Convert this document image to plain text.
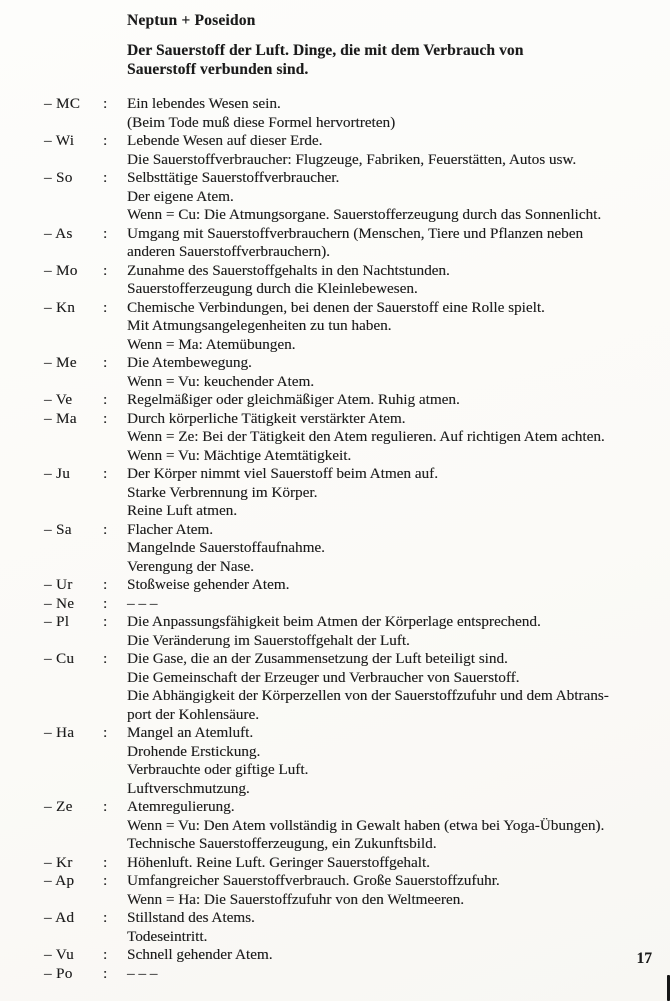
Neptun + Poseidon
Der Sauerstoff der Luft. Dinge, die mit dem Verbrauch von
Sauerstoff verbunden sind.
– MC	:	Ein lebendes Wesen sein.
(Beim Tode muß diese Formel hervortreten)
– Wi	:	Lebende Wesen auf dieser Erde.
Die Sauerstoffverbraucher: Flugzeuge, Fabriken, Feuerstätten, Autos usw.
– So	:	Selbsttätige Sauerstoffverbraucher.
Der eigene Atem.
Wenn = Cu: Die Atmungsorgane. Sauerstofferzeugung durch das Sonnenlicht.
– As	:	Umgang mit Sauerstoffverbrauchern (Menschen, Tiere und Pflanzen neben
anderen Sauerstoffverbrauchern).
– Mo	:	Zunahme des Sauerstoffgehalts in den Nachtstunden.
Sauerstofferzeugung durch die Kleinlebewesen.
– Kn	:	Chemische Verbindungen, bei denen der Sauerstoff eine Rolle spielt.
Mit Atmungsangelegenheiten zu tun haben.
Wenn = Ma: Atemübungen.
– Me	:	Die Atembewegung.
Wenn = Vu: keuchender Atem.
– Ve	:	Regelmäßiger oder gleichmäßiger Atem. Ruhig atmen.
– Ma	:	Durch körperliche Tätigkeit verstärkter Atem.
Wenn = Ze: Bei der Tätigkeit den Atem regulieren. Auf richtigen Atem achten.
Wenn = Vu: Mächtige Atemtätigkeit.
– Ju	:	Der Körper nimmt viel Sauerstoff beim Atmen auf.
Starke Verbrennung im Körper.
Reine Luft atmen.
– Sa	:	Flacher Atem.
Mangelnde Sauerstoffaufnahme.
Verengung der Nase.
– Ur	:	Stoßweise gehender Atem.
– Ne	:	– – –
– Pl	:	Die Anpassungsfähigkeit beim Atmen der Körperlage entsprechend.
Die Veränderung im Sauerstoffgehalt der Luft.
– Cu	:	Die Gase, die an der Zusammensetzung der Luft beteiligt sind.
Die Gemeinschaft der Erzeuger und Verbraucher von Sauerstoff.
Die Abhängigkeit der Körperzellen von der Sauerstoffzufuhr und dem Abtrans-
port der Kohlensäure.
– Ha	:	Mangel an Atemluft.
Drohende Erstickung.
Verbrauchte oder giftige Luft.
Luftverschmutzung.
– Ze	:	Atemregulierung.
Wenn = Vu: Den Atem vollständig in Gewalt haben (etwa bei Yoga-Übungen).
Technische Sauerstofferzeugung, ein Zukunftsbild.
– Kr	:	Höhenluft. Reine Luft. Geringer Sauerstoffgehalt.
– Ap	:	Umfangreicher Sauerstoffverbrauch. Große Sauerstoffzufuhr.
Wenn = Ha: Die Sauerstoffzufuhr von den Weltmeeren.
– Ad	:	Stillstand des Atems.
Todeseintritt.
– Vu	:	Schnell gehender Atem.
– Po	:	– – –
17
